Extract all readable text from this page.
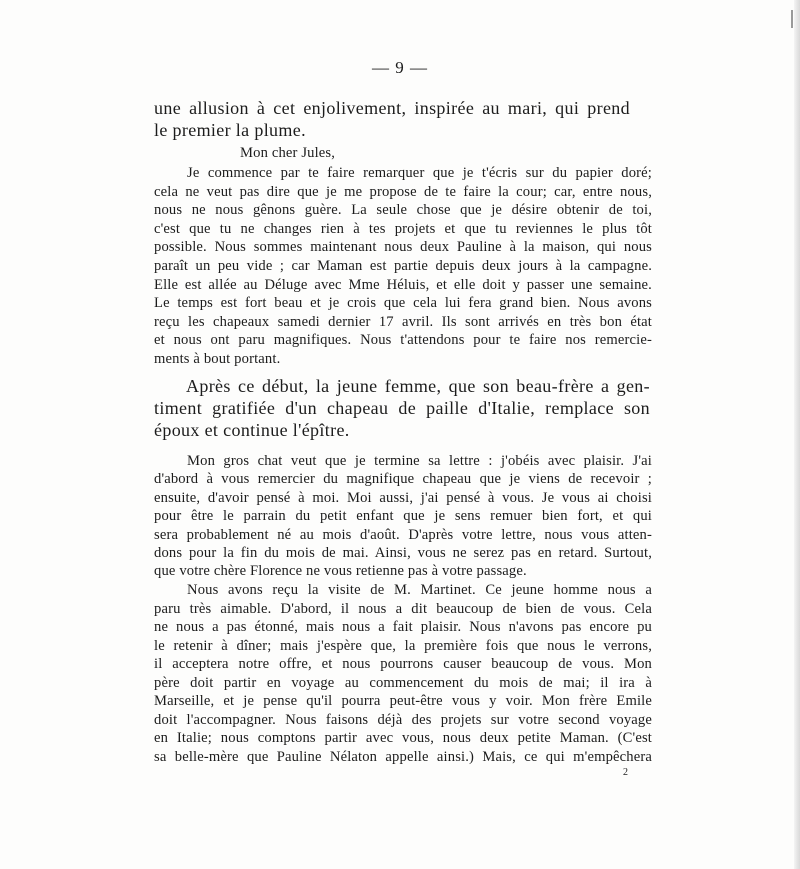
— 9 —
une allusion à cet enjolivement, inspirée au mari, qui prend
le premier la plume.
Mon cher Jules,
Je commence par te faire remarquer que je t'écris sur du papier doré;
cela ne veut pas dire que je me propose de te faire la cour; car, entre nous,
nous ne nous gênons guère. La seule chose que je désire obtenir de toi,
c'est que tu ne changes rien à tes projets et que tu reviennes le plus tôt
possible. Nous sommes maintenant nous deux Pauline à la maison, qui nous
paraît un peu vide ; car Maman est partie depuis deux jours à la campagne.
Elle est allée au Déluge avec Mme Héluis, et elle doit y passer une semaine.
Le temps est fort beau et je crois que cela lui fera grand bien. Nous avons
reçu les chapeaux samedi dernier 17 avril. Ils sont arrivés en très bon état
et nous ont paru magnifiques. Nous t'attendons pour te faire nos remercie-
ments à bout portant.
Après ce début, la jeune femme, que son beau-frère a gen-
timent gratifiée d'un chapeau de paille d'Italie, remplace son
époux et continue l'épître.
Mon gros chat veut que je termine sa lettre : j'obéis avec plaisir. J'ai
d'abord à vous remercier du magnifique chapeau que je viens de recevoir ;
ensuite, d'avoir pensé à moi. Moi aussi, j'ai pensé à vous. Je vous ai choisi
pour être le parrain du petit enfant que je sens remuer bien fort, et qui
sera probablement né au mois d'août. D'après votre lettre, nous vous atten-
dons pour la fin du mois de mai. Ainsi, vous ne serez pas en retard. Surtout,
que votre chère Florence ne vous retienne pas à votre passage.
Nous avons reçu la visite de M. Martinet. Ce jeune homme nous a
paru très aimable. D'abord, il nous a dit beaucoup de bien de vous. Cela
ne nous a pas étonné, mais nous a fait plaisir. Nous n'avons pas encore pu
le retenir à dîner; mais j'espère que, la première fois que nous le verrons,
il acceptera notre offre, et nous pourrons causer beaucoup de vous. Mon
père doit partir en voyage au commencement du mois de mai; il ira à
Marseille, et je pense qu'il pourra peut-être vous y voir. Mon frère Emile
doit l'accompagner. Nous faisons déjà des projets sur votre second voyage
en Italie; nous comptons partir avec vous, nous deux petite Maman. (C'est
sa belle-mère que Pauline Nélaton appelle ainsi.) Mais, ce qui m'empêchera
2
